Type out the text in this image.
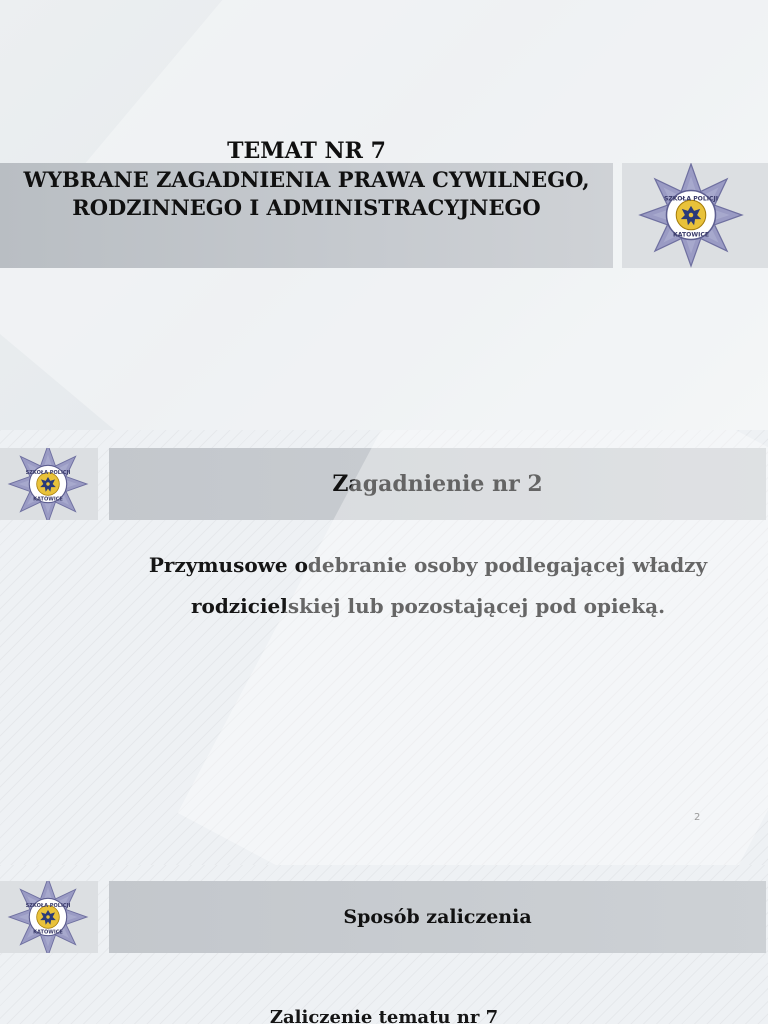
TEMAT NR 7
WYBRANE ZAGADNIENIA PRAWA CYWILNEGO,
RODZINNEGO I ADMINISTRACYJNEGO	SZKOŁA POLICJI
KATOWICE
SZKOŁA POLICJI
KATOWICE
Zagadnienie nr 2
Przymusowe odebranie osoby podlegającej władzy
rodzicielskiej lub pozostającej pod opieką.
2
SZKOŁA POLICJI
KATOWICE
Sposób zaliczenia
Zaliczenie tematu nr 7
